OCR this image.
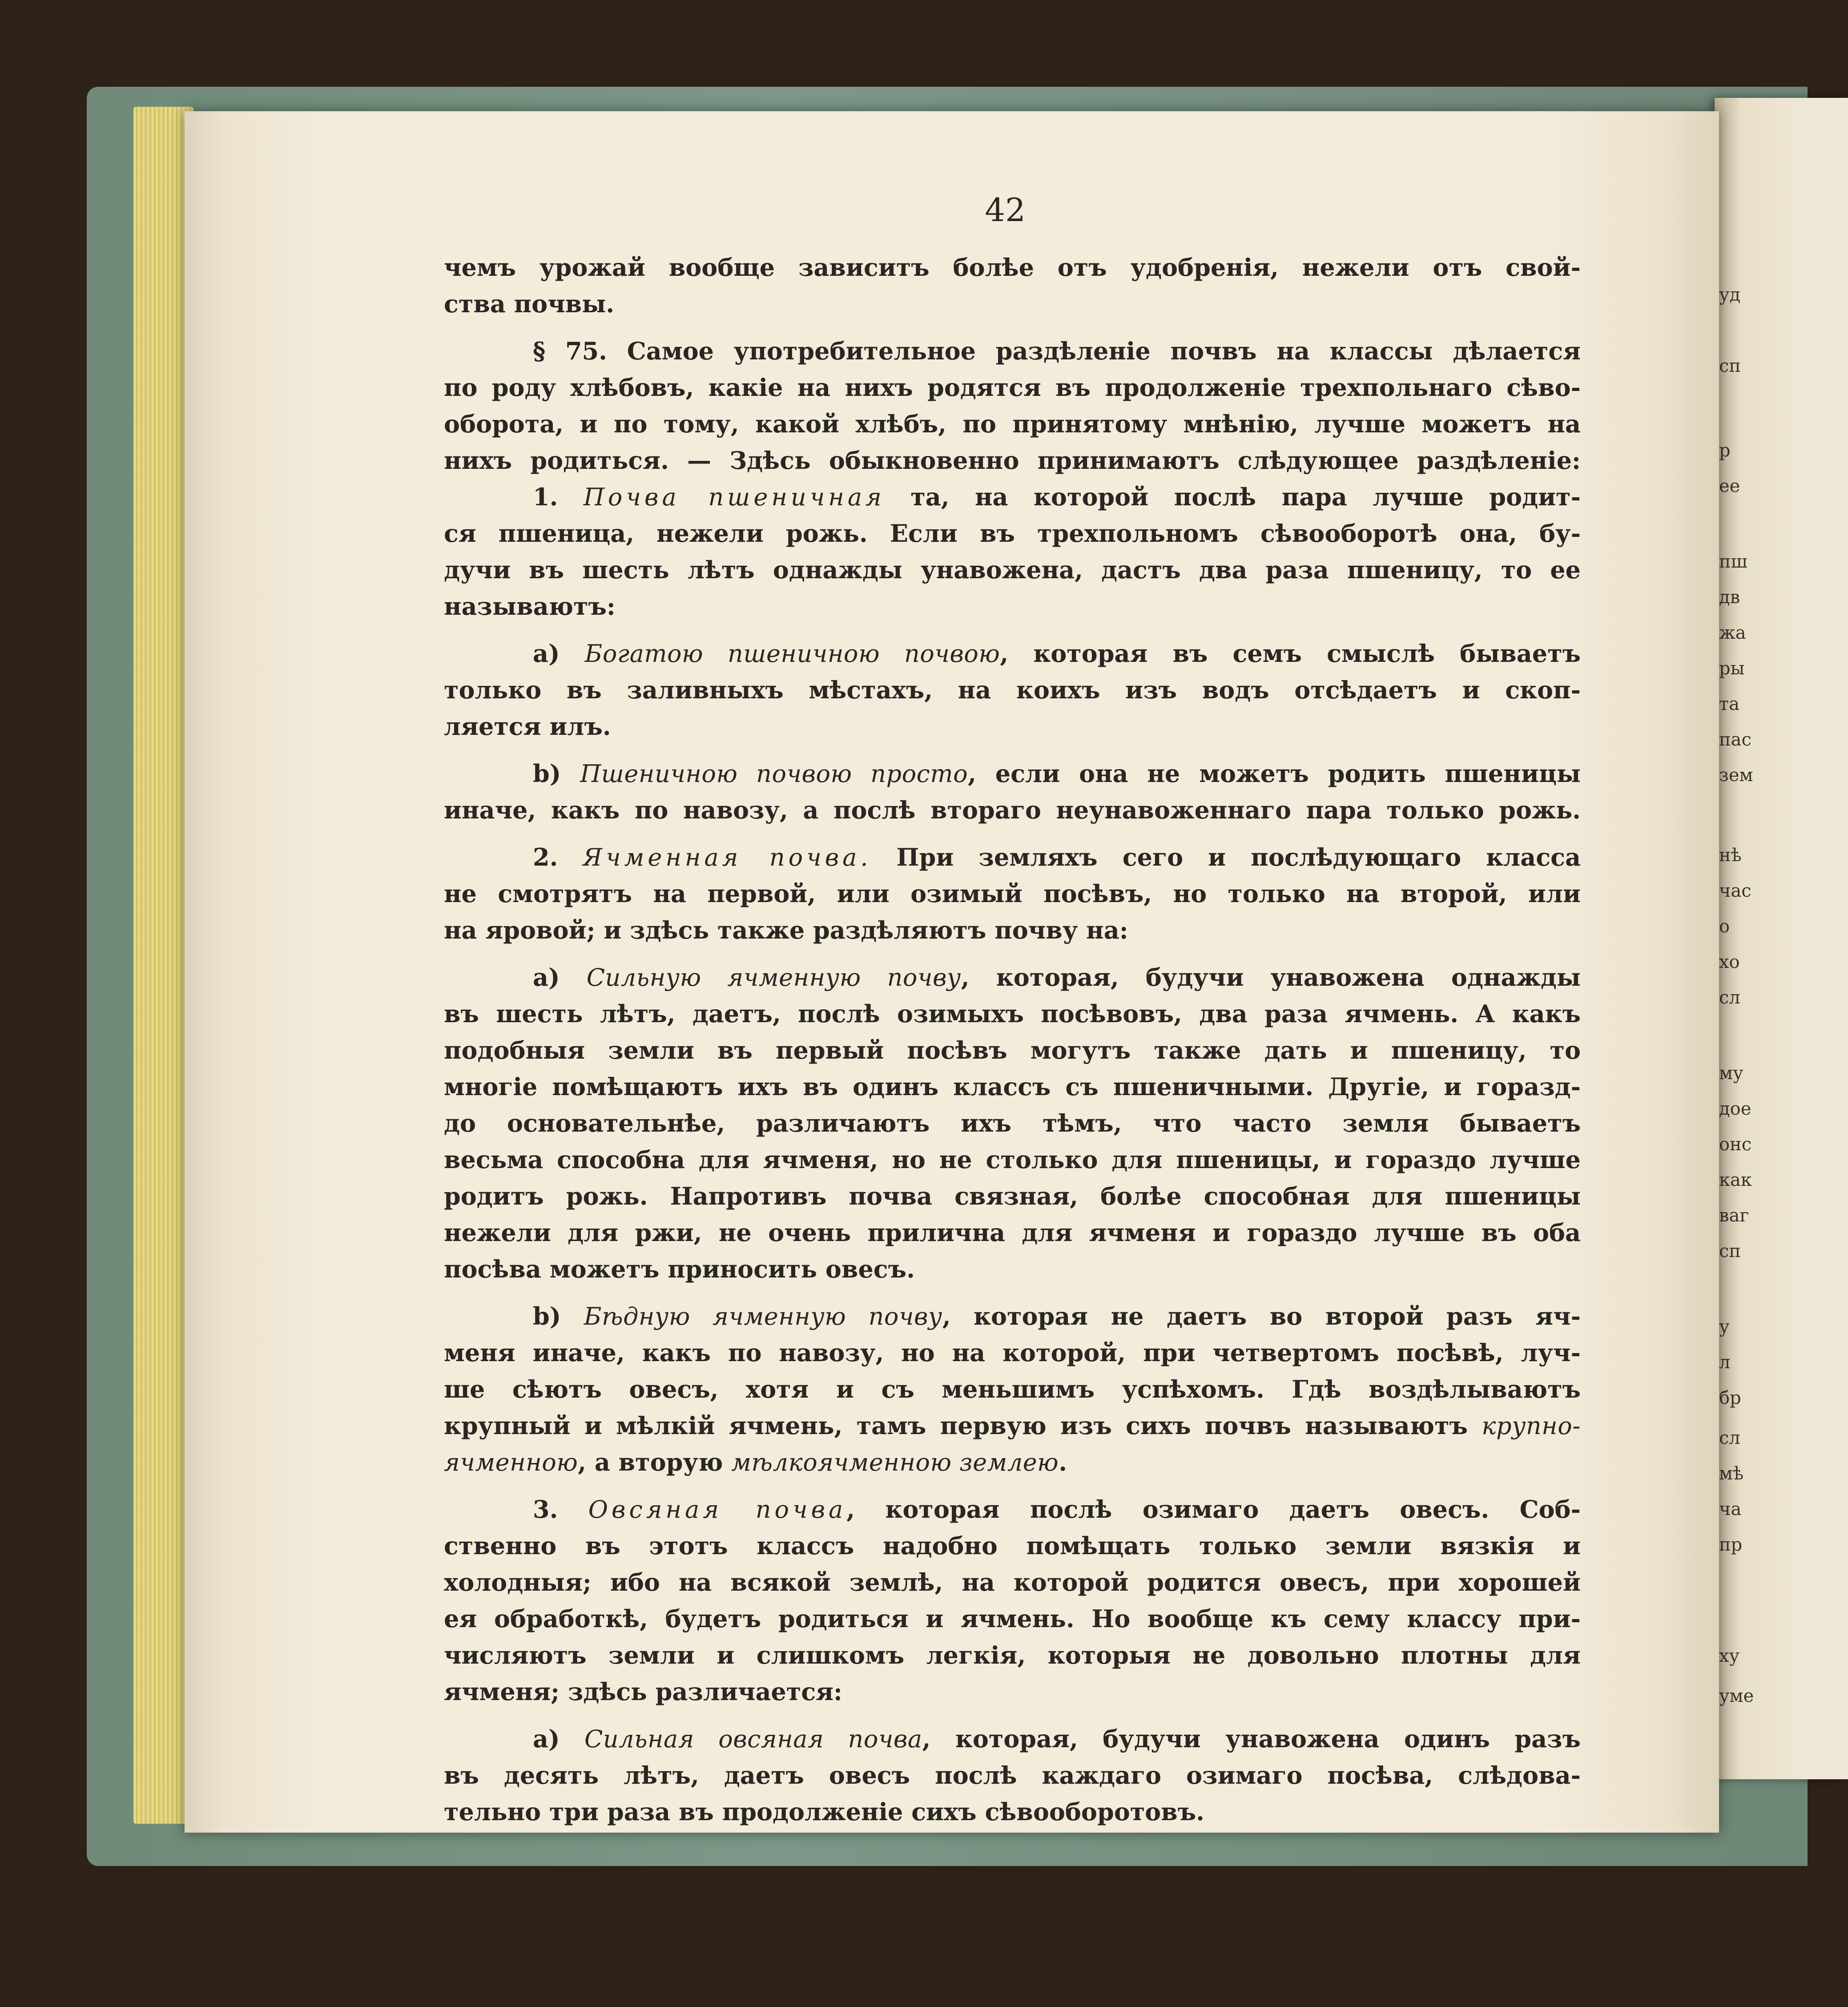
уд
сп
р
ее
пш
дв
жа
ры
та
пас
зем
нѣ
час
о
хо
сл
му
дое
онс
как
ваг
сп
у
л
бр
сл
мѣ
ча
пр
ху
уме
42
чемъ урожай вообще зависитъ болѣе отъ удобренія, нежели отъ свой-
ства почвы.
§ 75. Самое употребительное раздѣленіе почвъ на классы дѣлается
по роду хлѣбовъ, какіе на нихъ родятся въ продолженіе трехпольнаго сѣво-
оборота, и по тому, какой хлѣбъ, по принятому мнѣнію, лучше можетъ на
нихъ родиться. — Здѣсь обыкновенно принимаютъ слѣдующее раздѣленіе:
1. Почва пшеничная та, на которой послѣ пара лучше родит-
ся пшеница, нежели рожь. Если въ трехпольномъ сѣвооборотѣ она, бу-
дучи въ шесть лѣтъ однажды унавожена, дастъ два раза пшеницу, то ее
называютъ:
a) Богатою пшеничною почвою, которая въ семъ смыслѣ бываетъ
только въ заливныхъ мѣстахъ, на коихъ изъ водъ отсѣдаетъ и скоп-
ляется илъ.
b) Пшеничною почвою просто, если она не можетъ родить пшеницы
иначе, какъ по навозу, а послѣ втораго неунавоженнаго пара только рожь.
2. Ячменная почва. При земляхъ сего и послѣдующаго класса
не смотрятъ на первой, или озимый посѣвъ, но только на второй, или
на яровой; и здѣсь также раздѣляютъ почву на:
a) Сильную ячменную почву, которая, будучи унавожена однажды
въ шесть лѣтъ, даетъ, послѣ озимыхъ посѣвовъ, два раза ячмень. А какъ
подобныя земли въ первый посѣвъ могутъ также дать и пшеницу, то
многіе помѣщаютъ ихъ въ одинъ классъ съ пшеничными. Другіе, и горазд-
до основательнѣе, различаютъ ихъ тѣмъ, что часто земля бываетъ
весьма способна для ячменя, но не столько для пшеницы, и гораздо лучше
родитъ рожь. Напротивъ почва связная, болѣе способная для пшеницы
нежели для ржи, не очень прилична для ячменя и гораздо лучше въ оба
посѣва можетъ приносить овесъ.
b) Бѣдную ячменную почву, которая не даетъ во второй разъ яч-
меня иначе, какъ по навозу, но на которой, при четвертомъ посѣвѣ, луч-
ше сѣютъ овесъ, хотя и съ меньшимъ успѣхомъ. Гдѣ воздѣлываютъ
крупный и мѣлкій ячмень, тамъ первую изъ сихъ почвъ называютъ крупно-
ячменною, а вторую мѣлкоячменною землею.
3. Овсяная почва, которая послѣ озимаго даетъ овесъ. Соб-
ственно въ этотъ классъ надобно помѣщать только земли вязкія и
холодныя; ибо на всякой землѣ, на которой родится овесъ, при хорошей
ея обработкѣ, будетъ родиться и ячмень. Но вообще къ сему классу при-
числяютъ земли и слишкомъ легкія, которыя не довольно плотны для
ячменя; здѣсь различается:
a) Сильная овсяная почва, которая, будучи унавожена одинъ разъ
въ десять лѣтъ, даетъ овесъ послѣ каждаго озимаго посѣва, слѣдова-
тельно три раза въ продолженіе сихъ сѣвооборотовъ.
